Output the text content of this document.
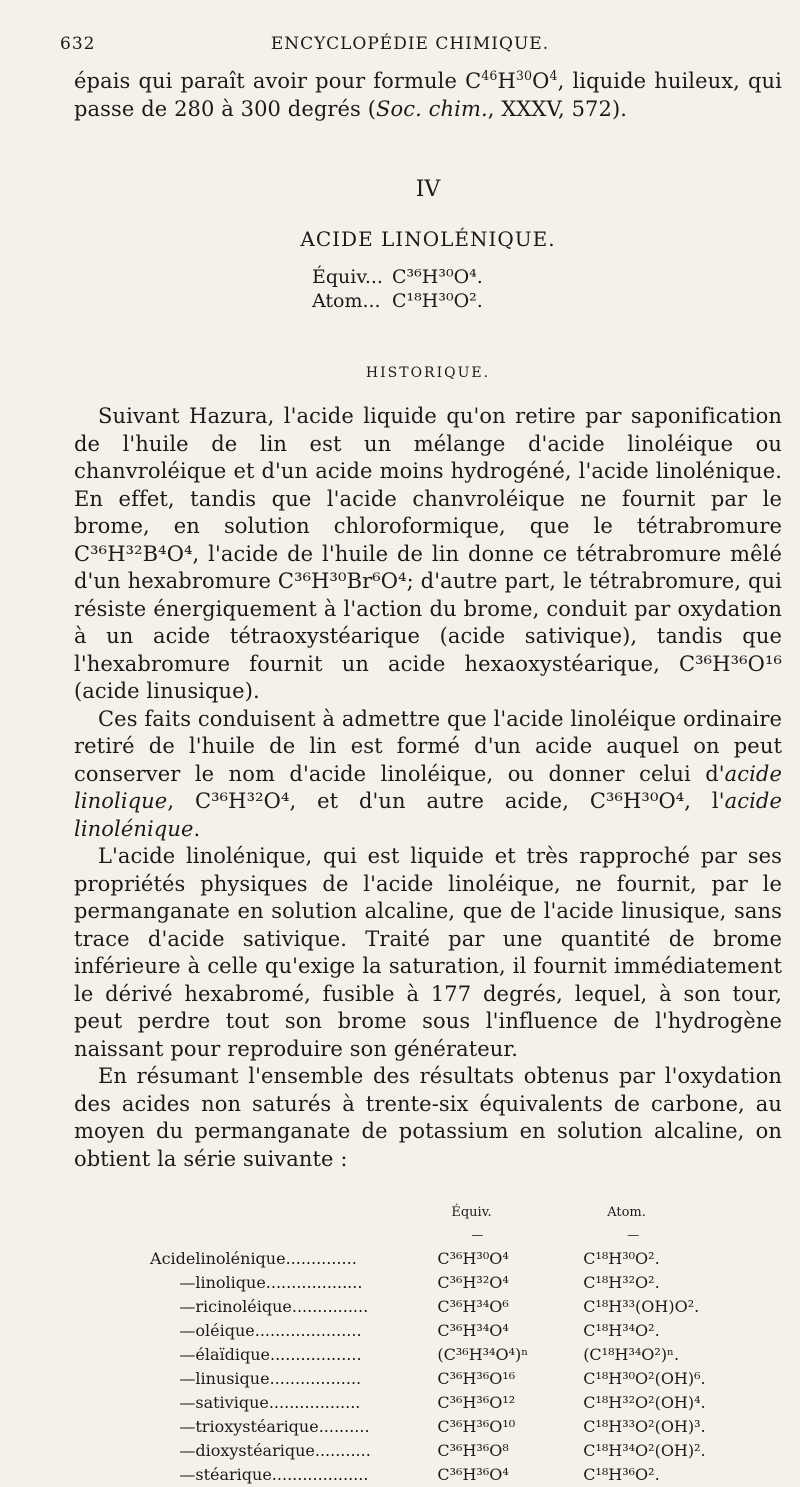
632	ENCYCLOPÉDIE CHIMIQUE.

épais qui paraît avoir pour formule $C^{46}H^{30}O^4$, liquide huileux, qui passe de 280 à 300 degrés (Soc. chim., XXXV, 572).

IV
ACIDE LINOLÉNIQUE.
Équiv... C³⁶H³⁰O⁴.
Atom... C¹⁸H³⁰O².
HISTORIQUE.

Suivant Hazura, l'acide liquide qu'on retire par saponification de l'huile de lin est un mélange d'acide linoléique ou chanvroléique et d'un acide moins hydrogéné, l'acide linolénique. En effet, tandis que l'acide chanvroléique ne fournit par le brome, en solution chloroformique, que le tétrabromure C³⁶H³²B⁴O⁴, l'acide de l'huile de lin donne ce tétrabromure mêlé d'un hexabromure C³⁶H³⁰Br⁶O⁴; d'autre part, le tétrabromure, qui résiste énergiquement à l'action du brome, conduit par oxydation à un acide tétraoxystéarique (acide sativique), tandis que l'hexabromure fournit un acide hexaoxystéarique, C³⁶H³⁶O¹⁶ (acide linusique).

Ces faits conduisent à admettre que l'acide linoléique ordinaire retiré de l'huile de lin est formé d'un acide auquel on peut conserver le nom d'acide linoléique, ou donner celui d'acide linolique, C³⁶H³²O⁴, et d'un autre acide, C³⁶H³⁰O⁴, l'acide linolénique.

L'acide linolénique, qui est liquide et très rapproché par ses propriétés physiques de l'acide linoléique, ne fournit, par le permanganate en solution alcaline, que de l'acide linusique, sans trace d'acide sativique. Traité par une quantité de brome inférieure à celle qu'exige la saturation, il fournit immédiatement le dérivé hexabromé, fusible à 177 degrés, lequel, à son tour, peut perdre tout son brome sous l'influence de l'hydrogène naissant pour reproduire son générateur.

En résumant l'ensemble des résultats obtenus par l'oxydation des acides non saturés à trente-six équivalents de carbone, au moyen du permanganate de potassium en solution alcaline, on obtient la série suivante :

		Équiv.	Atom.
		—	—
Acide	linolénique..............	C³⁶H³⁰O⁴	C¹⁸H³⁰O².
—	linolique...................	C³⁶H³²O⁴	C¹⁸H³²O².
—	ricinoléique...............	C³⁶H³⁴O⁶	C¹⁸H³³(OH)O².
—	oléique.....................	C³⁶H³⁴O⁴	C¹⁸H³⁴O².
—	élaïdique..................	(C³⁶H³⁴O⁴)ⁿ	(C¹⁸H³⁴O²)ⁿ.
—	linusique..................	C³⁶H³⁶O¹⁶	C¹⁸H³⁰O²(OH)⁶.
—	sativique..................	C³⁶H³⁶O¹²	C¹⁸H³²O²(OH)⁴.
—	trioxystéarique..........	C³⁶H³⁶O¹⁰	C¹⁸H³³O²(OH)³.
—	dioxystéarique...........	C³⁶H³⁶O⁸	C¹⁸H³⁴O²(OH)².
—	stéarique...................	C³⁶H³⁶O⁴	C¹⁸H³⁶O².
